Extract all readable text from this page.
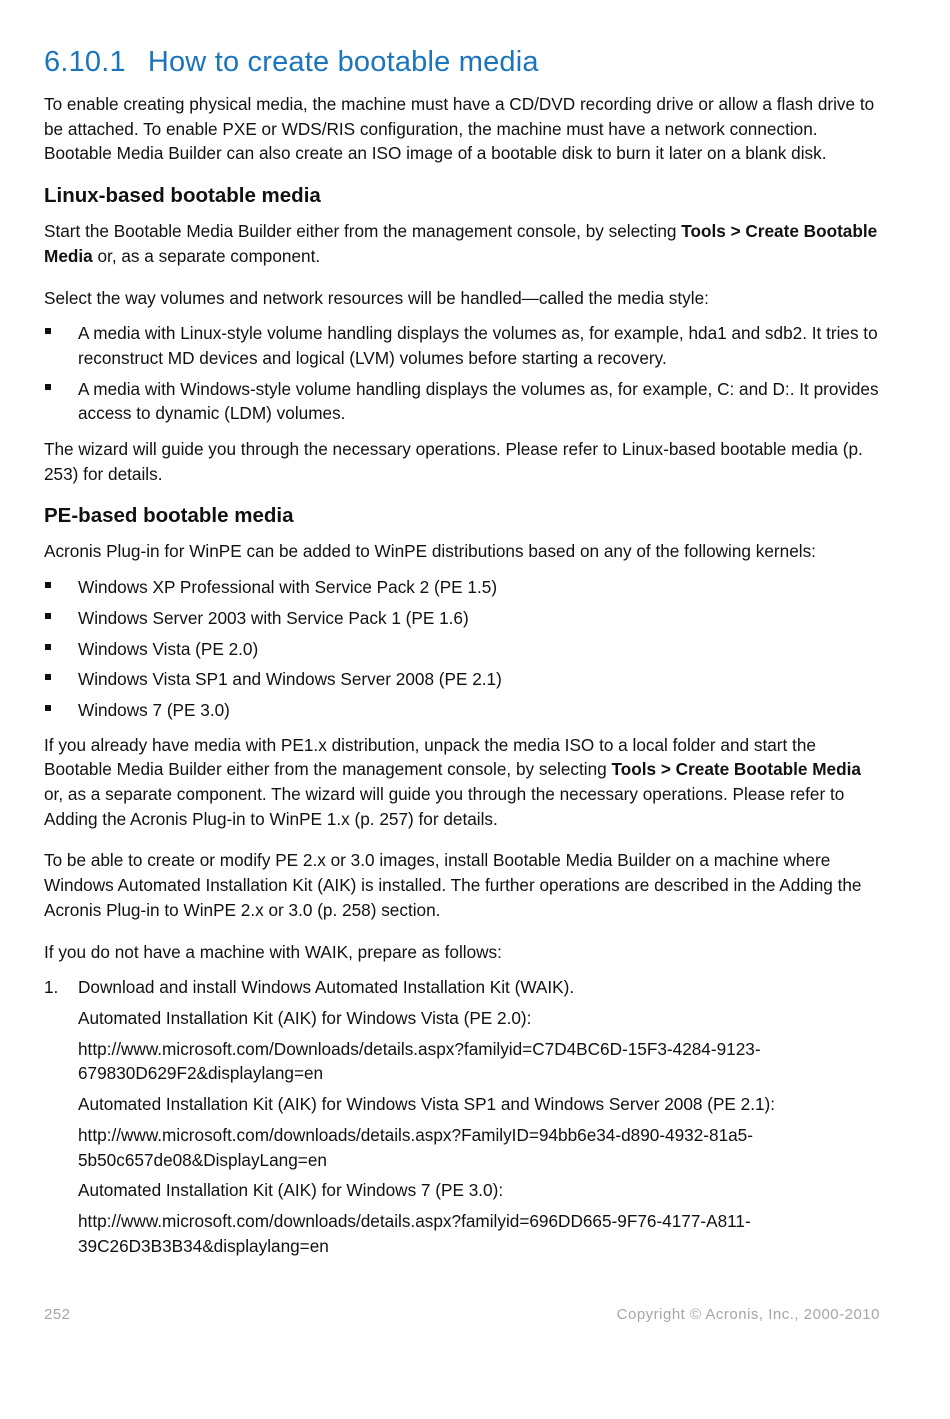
6.10.1 How to create bootable media

To enable creating physical media, the machine must have a CD/DVD recording drive or allow a flash drive to be attached. To enable PXE or WDS/RIS configuration, the machine must have a network connection. Bootable Media Builder can also create an ISO image of a bootable disk to burn it later on a blank disk.

Linux-based bootable media

Start the Bootable Media Builder either from the management console, by selecting Tools > Create Bootable Media or, as a separate component.

Select the way volumes and network resources will be handled—called the media style:

A media with Linux-style volume handling displays the volumes as, for example, hda1 and sdb2. It tries to reconstruct MD devices and logical (LVM) volumes before starting a recovery.
A media with Windows-style volume handling displays the volumes as, for example, C: and D:. It provides access to dynamic (LDM) volumes.

The wizard will guide you through the necessary operations. Please refer to Linux-based bootable media (p. 253) for details.

PE-based bootable media

Acronis Plug-in for WinPE can be added to WinPE distributions based on any of the following kernels:

Windows XP Professional with Service Pack 2 (PE 1.5)
Windows Server 2003 with Service Pack 1 (PE 1.6)
Windows Vista (PE 2.0)
Windows Vista SP1 and Windows Server 2008 (PE 2.1)
Windows 7 (PE 3.0)

If you already have media with PE1.x distribution, unpack the media ISO to a local folder and start the Bootable Media Builder either from the management console, by selecting Tools > Create Bootable Media or, as a separate component. The wizard will guide you through the necessary operations. Please refer to Adding the Acronis Plug-in to WinPE 1.x (p. 257) for details.

To be able to create or modify PE 2.x or 3.0 images, install Bootable Media Builder on a machine where Windows Automated Installation Kit (AIK) is installed. The further operations are described in the Adding the Acronis Plug-in to WinPE 2.x or 3.0 (p. 258) section.

If you do not have a machine with WAIK, prepare as follows:

1. Download and install Windows Automated Installation Kit (WAIK).
Automated Installation Kit (AIK) for Windows Vista (PE 2.0):
http://www.microsoft.com/Downloads/details.aspx?familyid=C7D4BC6D-15F3-4284-9123-679830D629F2&displaylang=en
Automated Installation Kit (AIK) for Windows Vista SP1 and Windows Server 2008 (PE 2.1):
http://www.microsoft.com/downloads/details.aspx?FamilyID=94bb6e34-d890-4932-81a5-5b50c657de08&DisplayLang=en
Automated Installation Kit (AIK) for Windows 7 (PE 3.0):
http://www.microsoft.com/downloads/details.aspx?familyid=696DD665-9F76-4177-A811-39C26D3B3B34&displaylang=en
252	Copyright © Acronis, Inc., 2000-2010
